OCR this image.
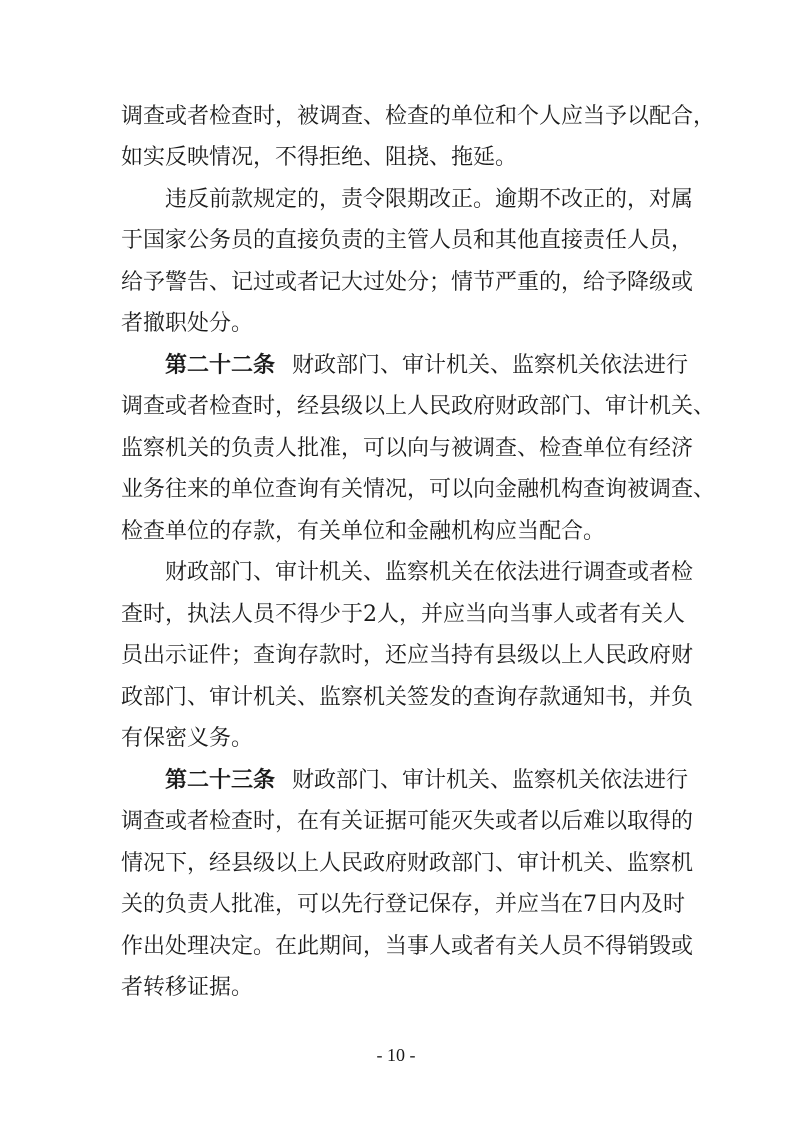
调查或者检查时，被调查、检查的单位和个人应当予以配合，
如实反映情况，不得拒绝、阻挠、拖延。
违反前款规定的，责令限期改正。逾期不改正的，对属
于国家公务员的直接负责的主管人员和其他直接责任人员，
给予警告、记过或者记大过处分；情节严重的，给予降级或
者撤职处分。
第二十二条 财政部门、审计机关、监察机关依法进行
调查或者检查时，经县级以上人民政府财政部门、审计机关、
监察机关的负责人批准，可以向与被调查、检查单位有经济
业务往来的单位查询有关情况，可以向金融机构查询被调查、
检查单位的存款，有关单位和金融机构应当配合。
财政部门、审计机关、监察机关在依法进行调查或者检
查时，执法人员不得少于2人，并应当向当事人或者有关人
员出示证件；查询存款时，还应当持有县级以上人民政府财
政部门、审计机关、监察机关签发的查询存款通知书，并负
有保密义务。
第二十三条 财政部门、审计机关、监察机关依法进行
调查或者检查时，在有关证据可能灭失或者以后难以取得的
情况下，经县级以上人民政府财政部门、审计机关、监察机
关的负责人批准，可以先行登记保存，并应当在7日内及时
作出处理决定。在此期间，当事人或者有关人员不得销毁或
者转移证据。
- 10 -
